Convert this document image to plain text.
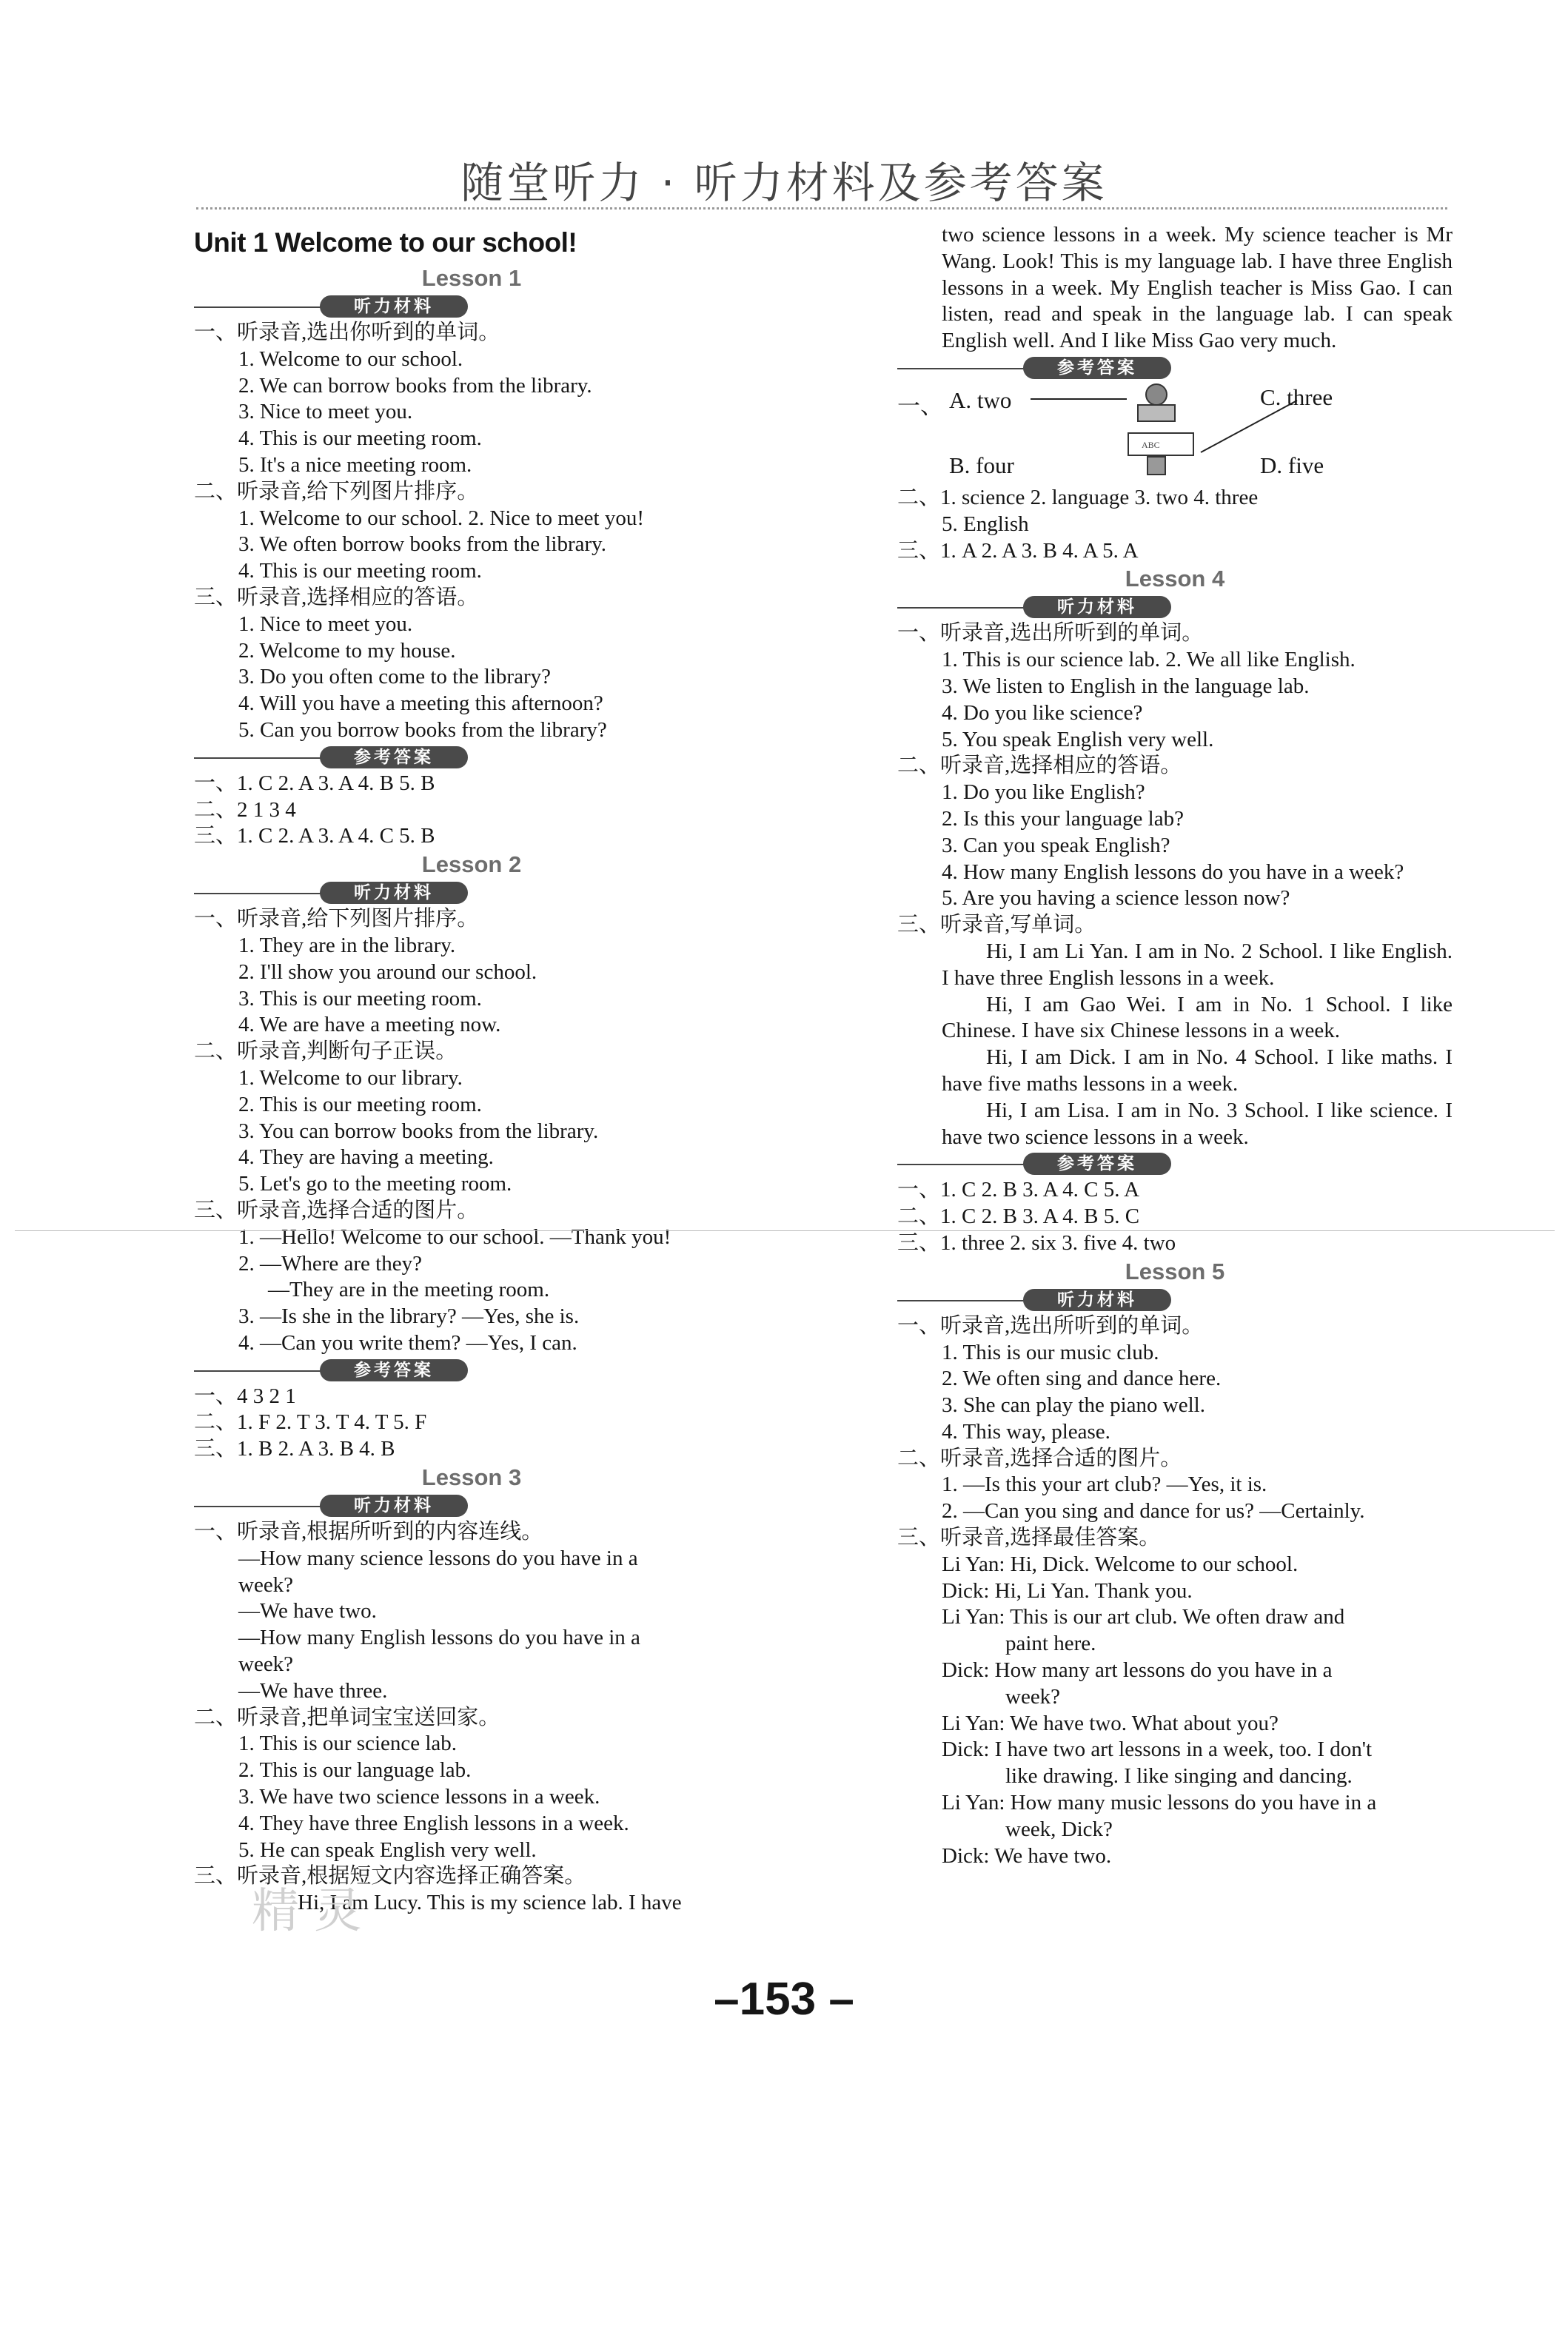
随堂听力 · 听力材料及参考答案
Unit 1 Welcome to our school!
Lesson 1
听力材料
一、听录音,选出你听到的单词。
1. Welcome to our school.
2. We can borrow books from the library.
3. Nice to meet you.
4. This is our meeting room.
5. It's a nice meeting room.
二、听录音,给下列图片排序。
1. Welcome to our school. 2. Nice to meet you!
3. We often borrow books from the library.
4. This is our meeting room.
三、听录音,选择相应的答语。
1. Nice to meet you.
2. Welcome to my house.
3. Do you often come to the library?
4. Will you have a meeting this afternoon?
5. Can you borrow books from the library?
参考答案
一、1. C 2. A 3. A 4. B 5. B
二、2 1 3 4
三、1. C 2. A 3. A 4. C 5. B
Lesson 2
听力材料
一、听录音,给下列图片排序。
1. They are in the library.
2. I'll show you around our school.
3. This is our meeting room.
4. We are have a meeting now.
二、听录音,判断句子正误。
1. Welcome to our library.
2. This is our meeting room.
3. You can borrow books from the library.
4. They are having a meeting.
5. Let's go to the meeting room.
三、听录音,选择合适的图片。
1. —Hello! Welcome to our school. —Thank you!
2. —Where are they?
—They are in the meeting room.
3. —Is she in the library? —Yes, she is.
4. —Can you write them? —Yes, I can.
参考答案
一、4 3 2 1
二、1. F 2. T 3. T 4. T 5. F
三、1. B 2. A 3. B 4. B
Lesson 3
听力材料
一、听录音,根据所听到的内容连线。
—How many science lessons do you have in a
week?
—We have two.
—How many English lessons do you have in a
week?
—We have three.
二、听录音,把单词宝宝送回家。
1. This is our science lab.
2. This is our language lab.
3. We have two science lessons in a week.
4. They have three English lessons in a week.
5. He can speak English very well.
三、听录音,根据短文内容选择正确答案。
Hi, I am Lucy. This is my science lab. I have
two science lessons in a week. My science teacher is Mr Wang. Look! This is my language lab. I have three English lessons in a week. My English teacher is Miss Gao. I can listen, read and speak in the language lab. I can speak English well. And I like Miss Gao very much.
参考答案
ABC
一、 A. two	C. three
B. four	D. five
二、1. science 2. language 3. two 4. three
5. English
三、1. A 2. A 3. B 4. A 5. A
Lesson 4
听力材料
一、听录音,选出所听到的单词。
1. This is our science lab. 2. We all like English.
3. We listen to English in the language lab.
4. Do you like science?
5. You speak English very well.
二、听录音,选择相应的答语。
1. Do you like English?
2. Is this your language lab?
3. Can you speak English?
4. How many English lessons do you have in a week?
5. Are you having a science lesson now?
三、听录音,写单词。
Hi, I am Li Yan. I am in No. 2 School. I like English. I have three English lessons in a week.
Hi, I am Gao Wei. I am in No. 1 School. I like Chinese. I have six Chinese lessons in a week.
Hi, I am Dick. I am in No. 4 School. I like maths. I have five maths lessons in a week.
Hi, I am Lisa. I am in No. 3 School. I like science. I have two science lessons in a week.
参考答案
一、1. C 2. B 3. A 4. C 5. A
二、1. C 2. B 3. A 4. B 5. C
三、1. three 2. six 3. five 4. two
Lesson 5
听力材料
一、听录音,选出所听到的单词。
1. This is our music club.
2. We often sing and dance here.
3. She can play the piano well.
4. This way, please.
二、听录音,选择合适的图片。
1. —Is this your art club? —Yes, it is.
2. —Can you sing and dance for us? —Certainly.
三、听录音,选择最佳答案。
Li Yan: Hi, Dick. Welcome to our school.
Dick: Hi, Li Yan. Thank you.
Li Yan: This is our art club. We often draw and
paint here.
Dick: How many art lessons do you have in a
week?
Li Yan: We have two. What about you?
Dick: I have two art lessons in a week, too. I don't
like drawing. I like singing and dancing.
Li Yan: How many music lessons do you have in a
week, Dick?
Dick: We have two.
精 灵
–153 –
